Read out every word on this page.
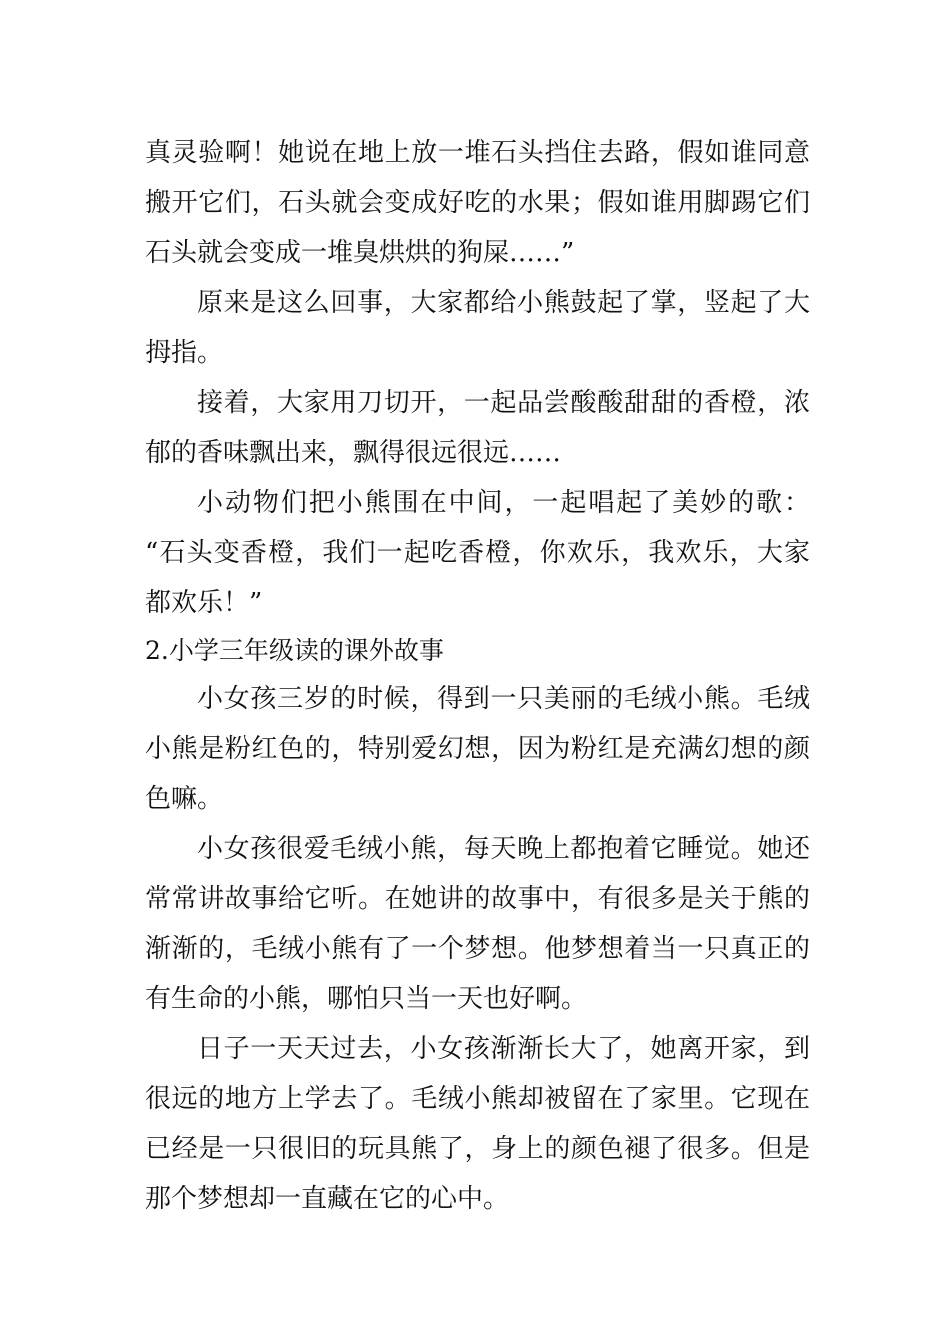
真灵验啊！她说在地上放一堆石头挡住去路，假如谁同意
搬开它们，石头就会变成好吃的水果；假如谁用脚踢它们
石头就会变成一堆臭烘烘的狗屎……”
原来是这么回事，大家都给小熊鼓起了掌，竖起了大
拇指。
接着，大家用刀切开，一起品尝酸酸甜甜的香橙，浓
郁的香味飘出来，飘得很远很远……
小动物们把小熊围在中间，一起唱起了美妙的歌：
“石头变香橙，我们一起吃香橙，你欢乐，我欢乐，大家
都欢乐！”
2.小学三年级读的课外故事
小女孩三岁的时候，得到一只美丽的毛绒小熊。毛绒
小熊是粉红色的，特别爱幻想，因为粉红是充满幻想的颜
色嘛。
小女孩很爱毛绒小熊，每天晚上都抱着它睡觉。她还
常常讲故事给它听。在她讲的故事中，有很多是关于熊的
渐渐的，毛绒小熊有了一个梦想。他梦想着当一只真正的
有生命的小熊，哪怕只当一天也好啊。
日子一天天过去，小女孩渐渐长大了，她离开家，到
很远的地方上学去了。毛绒小熊却被留在了家里。它现在
已经是一只很旧的玩具熊了，身上的颜色褪了很多。但是
那个梦想却一直藏在它的心中。
